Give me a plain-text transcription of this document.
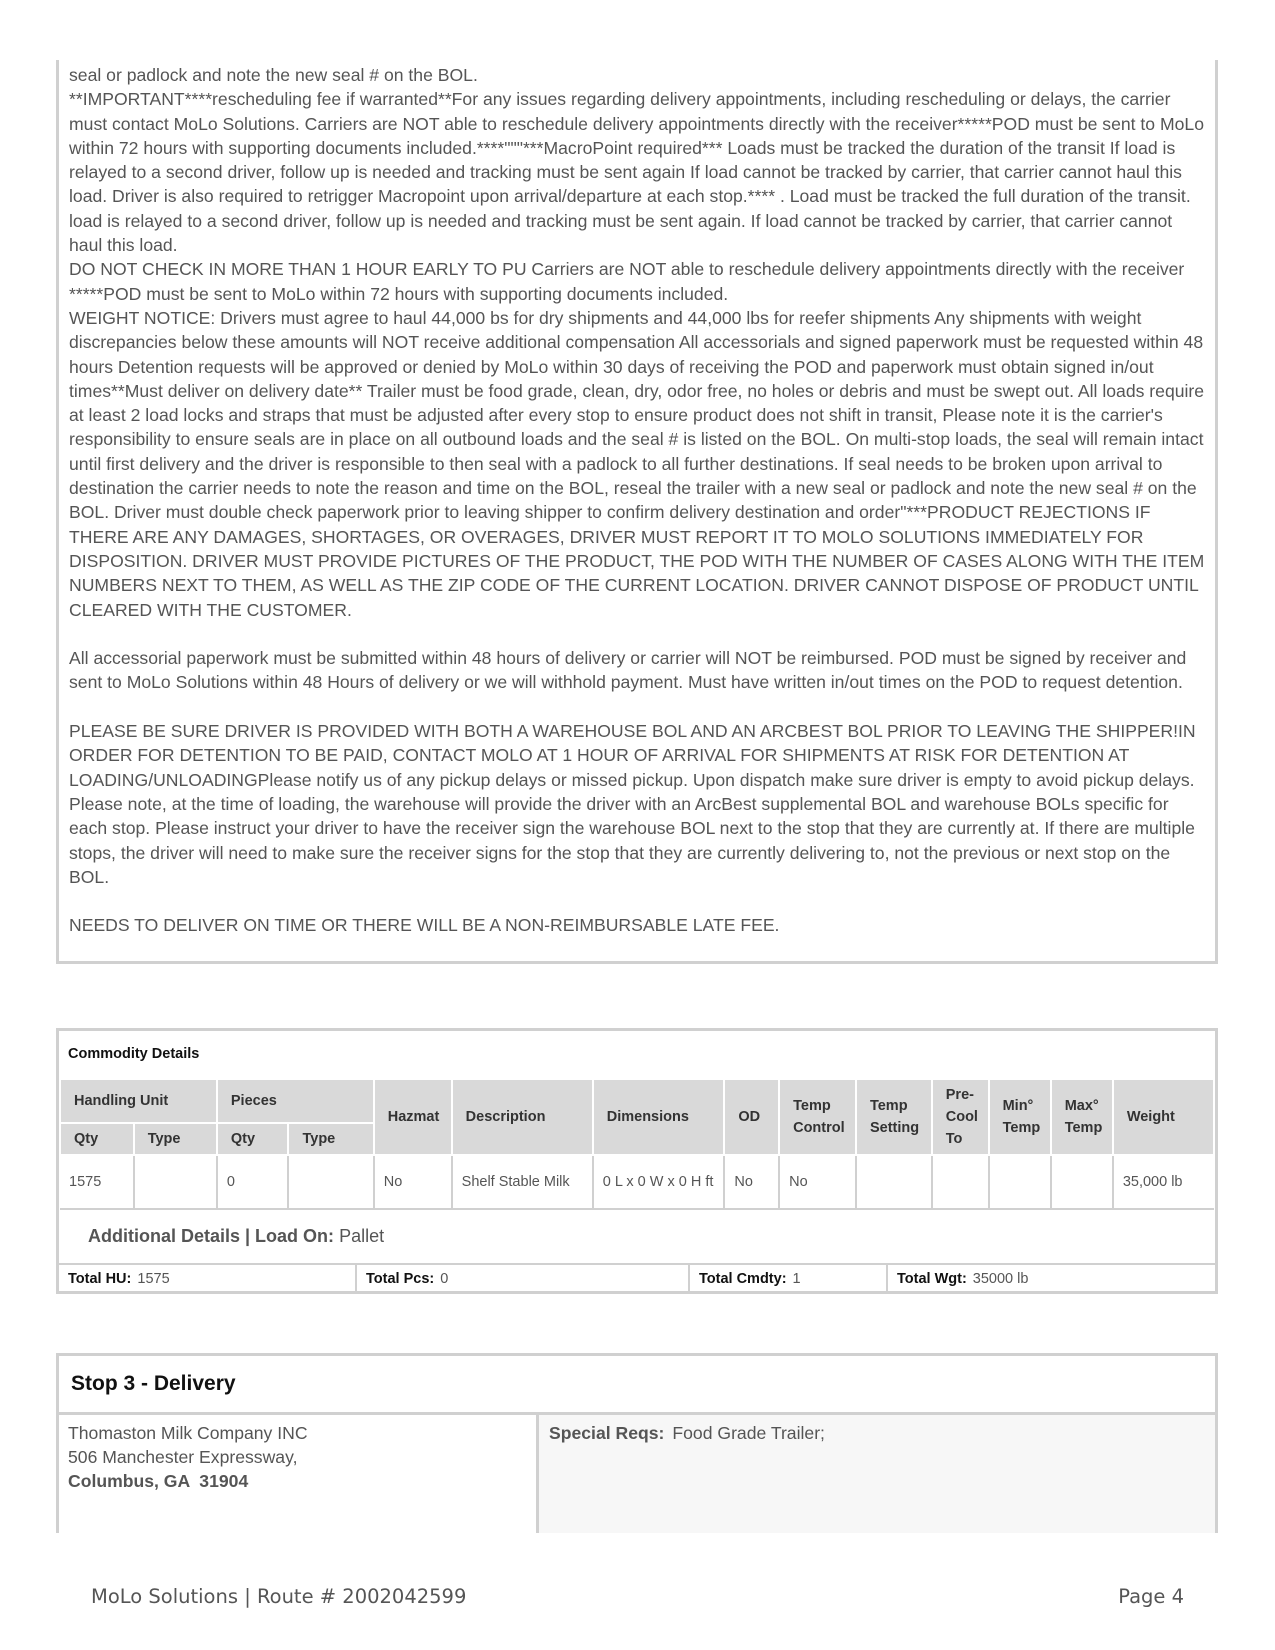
seal or padlock and note the new seal # on the BOL.

**IMPORTANT****rescheduling fee if warranted**For any issues regarding delivery appointments, including rescheduling or delays, the carrier must contact MoLo Solutions. Carriers are NOT able to reschedule delivery appointments directly with the receiver*****POD must be sent to MoLo within 72 hours with supporting documents included.****"""***MacroPoint required*** Loads must be tracked the duration of the transit If load is relayed to a second driver, follow up is needed and tracking must be sent again If load cannot be tracked by carrier, that carrier cannot haul this load. Driver is also required to retrigger Macropoint upon arrival/departure at each stop.**** . Load must be tracked the full duration of the transit. load is relayed to a second driver, follow up is needed and tracking must be sent again. If load cannot be tracked by carrier, that carrier cannot haul this load.

DO NOT CHECK IN MORE THAN 1 HOUR EARLY TO PU Carriers are NOT able to reschedule delivery appointments directly with the receiver *****POD must be sent to MoLo within 72 hours with supporting documents included.

WEIGHT NOTICE: Drivers must agree to haul 44,000 bs for dry shipments and 44,000 lbs for reefer shipments Any shipments with weight discrepancies below these amounts will NOT receive additional compensation All accessorials and signed paperwork must be requested within 48 hours Detention requests will be approved or denied by MoLo within 30 days of receiving the POD and paperwork must obtain signed in/out times**Must deliver on delivery date** Trailer must be food grade, clean, dry, odor free, no holes or debris and must be swept out. All loads require at least 2 load locks and straps that must be adjusted after every stop to ensure product does not shift in transit, Please note it is the carrier's responsibility to ensure seals are in place on all outbound loads and the seal # is listed on the BOL. On multi-stop loads, the seal will remain intact until first delivery and the driver is responsible to then seal with a padlock to all further destinations. If seal needs to be broken upon arrival to destination the carrier needs to note the reason and time on the BOL, reseal the trailer with a new seal or padlock and note the new seal # on the BOL. Driver must double check paperwork prior to leaving shipper to confirm delivery destination and order"***PRODUCT REJECTIONS IF THERE ARE ANY DAMAGES, SHORTAGES, OR OVERAGES, DRIVER MUST REPORT IT TO MOLO SOLUTIONS IMMEDIATELY FOR DISPOSITION. DRIVER MUST PROVIDE PICTURES OF THE PRODUCT, THE POD WITH THE NUMBER OF CASES ALONG WITH THE ITEM NUMBERS NEXT TO THEM, AS WELL AS THE ZIP CODE OF THE CURRENT LOCATION. DRIVER CANNOT DISPOSE OF PRODUCT UNTIL CLEARED WITH THE CUSTOMER.

All accessorial paperwork must be submitted within 48 hours of delivery or carrier will NOT be reimbursed. POD must be signed by receiver and sent to MoLo Solutions within 48 Hours of delivery or we will withhold payment. Must have written in/out times on the POD to request detention.

PLEASE BE SURE DRIVER IS PROVIDED WITH BOTH A WAREHOUSE BOL AND AN ARCBEST BOL PRIOR TO LEAVING THE SHIPPER!IN ORDER FOR DETENTION TO BE PAID, CONTACT MOLO AT 1 HOUR OF ARRIVAL FOR SHIPMENTS AT RISK FOR DETENTION AT LOADING/UNLOADINGPlease notify us of any pickup delays or missed pickup. Upon dispatch make sure driver is empty to avoid pickup delays. Please note, at the time of loading, the warehouse will provide the driver with an ArcBest supplemental BOL and warehouse BOLs specific for each stop. Please instruct your driver to have the receiver sign the warehouse BOL next to the stop that they are currently at. If there are multiple stops, the driver will need to make sure the receiver signs for the stop that they are currently delivering to, not the previous or next stop on the BOL.

NEEDS TO DELIVER ON TIME OR THERE WILL BE A NON-REIMBURSABLE LATE FEE.

Commodity Details
Handling Unit		Pieces		Hazmat	Description	Dimensions	OD	Temp Control	Temp Setting	Pre-Cool To	Min° Temp	Max° Temp	Weight
Qty	Type	Qty	Type										
1575		0		No	Shelf Stable Milk	0 L x 0 W x 0 H ft	No	No					35,000 lb
Additional Details | Load On: Pallet
Total HU: 1575	Total Pcs: 0	Total Cmdty: 1	Total Wgt: 35000 lb
Stop 3 - Delivery
Thomaston Milk Company INC
506 Manchester Expressway,
Columbus, GA  31904
Special Reqs: Food Grade Trailer;
MoLo Solutions | Route # 2002042599	Page 4
